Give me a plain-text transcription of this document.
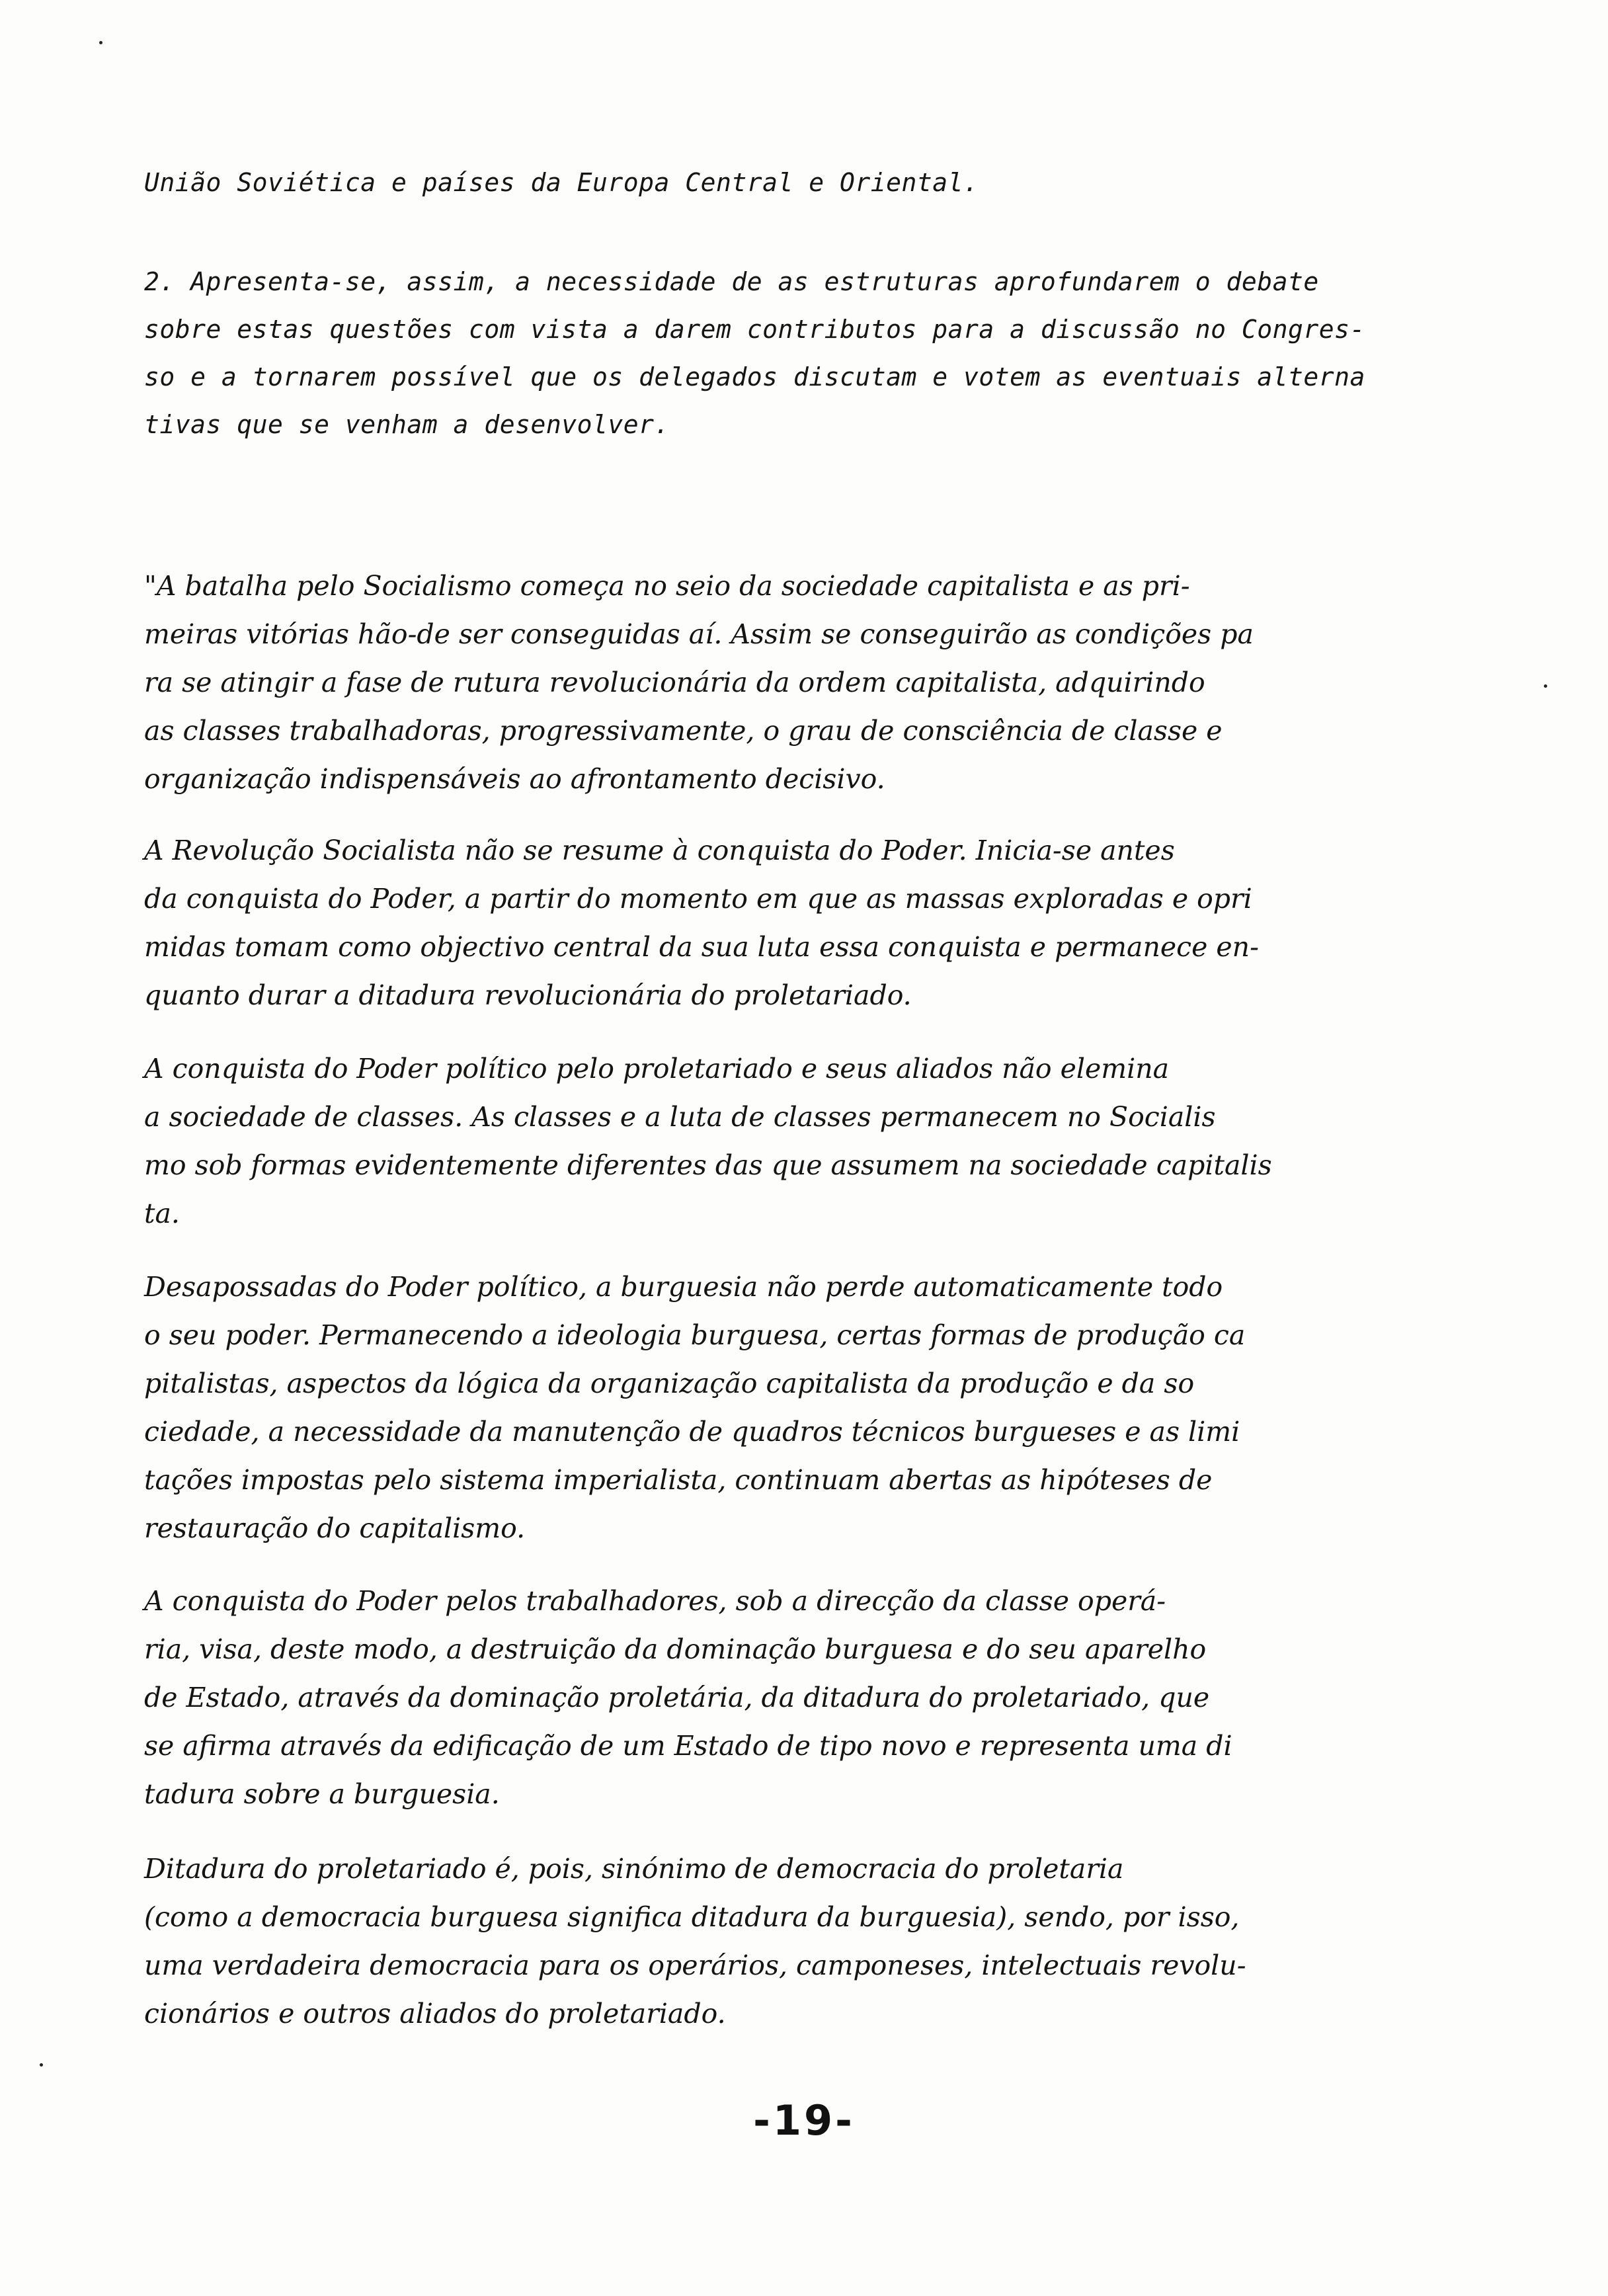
União Soviética e países da Europa Central e Oriental.
2. Apresenta-se, assim, a necessidade de as estruturas aprofundarem o debate
sobre estas questões com vista a darem contributos para a discussão no Congres-
so e a tornarem possível que os delegados discutam e votem as eventuais alterna
tivas que se venham a desenvolver.
"A batalha pelo Socialismo começa no seio da sociedade capitalista e as pri-
meiras vitórias hão-de ser conseguidas aí. Assim se conseguirão as condições pa
ra se atingir a fase de rutura revolucionária da ordem capitalista, adquirindo
as classes trabalhadoras, progressivamente, o grau de consciência de classe e
organização indispensáveis ao afrontamento decisivo.
A Revolução Socialista não se resume à conquista do Poder. Inicia-se antes
da conquista do Poder, a partir do momento em que as massas exploradas e opri
midas tomam como objectivo central da sua luta essa conquista e permanece en-
quanto durar a ditadura revolucionária do proletariado.
A conquista do Poder político pelo proletariado e seus aliados não elemina
a sociedade de classes. As classes e a luta de classes permanecem no Socialis
mo sob formas evidentemente diferentes das que assumem na sociedade capitalis
ta.
Desapossadas do Poder político, a burguesia não perde automaticamente todo
o seu poder. Permanecendo a ideologia burguesa, certas formas de produção ca
pitalistas, aspectos da lógica da organização capitalista da produção e da so
ciedade, a necessidade da manutenção de quadros técnicos burgueses e as limi
tações impostas pelo sistema imperialista, continuam abertas as hipóteses de
restauração do capitalismo.
A conquista do Poder pelos trabalhadores, sob a direcção da classe operá-
ria, visa, deste modo, a destruição da dominação burguesa e do seu aparelho
de Estado, através da dominação proletária, da ditadura do proletariado, que
se afirma através da edificação de um Estado de tipo novo e representa uma di
tadura sobre a burguesia.
Ditadura do proletariado é, pois, sinónimo de democracia do proletaria
(como a democracia burguesa significa ditadura da burguesia), sendo, por isso,
uma verdadeira democracia para os operários, camponeses, intelectuais revolu-
cionários e outros aliados do proletariado.
-19-
